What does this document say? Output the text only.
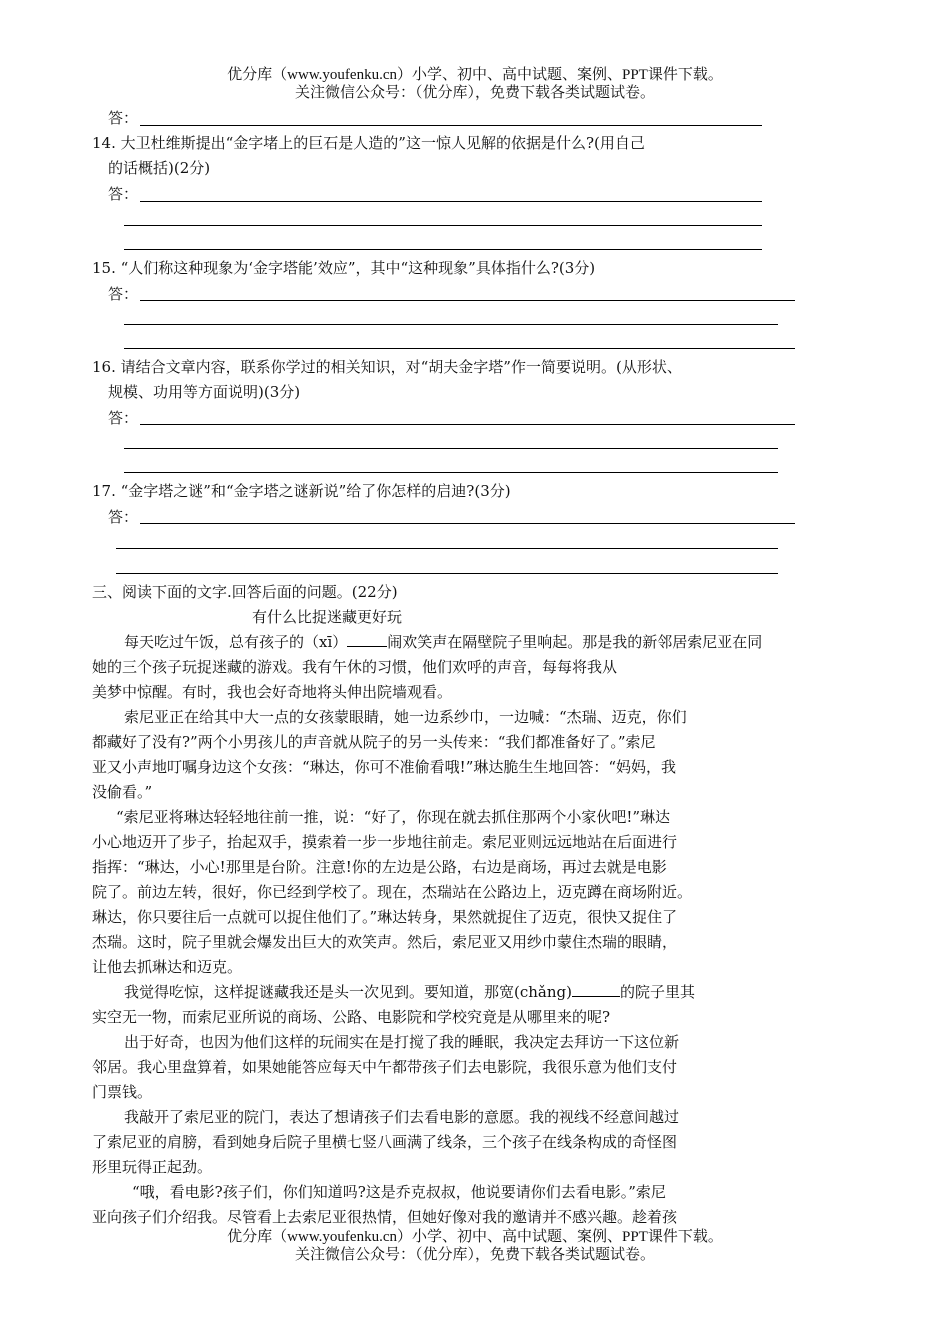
优分库（www.youfenku.cn）小学、初中、高中试题、案例、PPT课件下载。
关注微信公众号：（优分库），免费下载各类试题试卷。
答：
14. 大卫杜维斯提出“金字堵上的巨石是人造的”这一惊人见解的依据是什么?(用自己
的话概括)(2分)
答：
15. “人们称这种现象为‘金字塔能’效应”，其中“这种现象”具体指什么?(3分)
答：
16. 请结合文章内容，联系你学过的相关知识，对“胡夫金字塔”作一简要说明。(从形状、
规模、功用等方面说明)(3分)
答：
17. “金字塔之谜”和“金字塔之谜新说”给了你怎样的启迪?(3分)
答：
三、阅读下面的文字.回答后面的问题。(22分)
有什么比捉迷藏更好玩
每天吃过午饭，总有孩子的（xī）	闹欢笑声在隔壁院子里响起。那是我的新邻居索尼亚在同
她的三个孩子玩捉迷藏的游戏。我有午休的习惯，他们欢呼的声音，每每将我从
美梦中惊醒。有时，我也会好奇地将头伸出院墙观看。
索尼亚正在给其中大一点的女孩蒙眼睛，她一边系纱巾，一边喊：“杰瑞、迈克，你们
都藏好了没有?”两个小男孩儿的声音就从院子的另一头传来：“我们都准备好了。”索尼
亚又小声地叮嘱身边这个女孩：“琳达，你可不准偷看哦!”琳达脆生生地回答：“妈妈，我
没偷看。”
“索尼亚将琳达轻轻地往前一推，说：“好了，你现在就去抓住那两个小家伙吧!”琳达
小心地迈开了步子，抬起双手，摸索着一步一步地往前走。索尼亚则远远地站在后面进行
指挥：“琳达，小心!那里是台阶。注意!你的左边是公路，右边是商场，再过去就是电影
院了。前边左转，很好，你已经到学校了。现在，杰瑞站在公路边上，迈克蹲在商场附近。
琳达，你只要往后一点就可以捉住他们了。”琳达转身，果然就捉住了迈克，很快又捉住了
杰瑞。这时，院子里就会爆发出巨大的欢笑声。然后，索尼亚又用纱巾蒙住杰瑞的眼睛，
让他去抓琳达和迈克。
我觉得吃惊，这样捉谜藏我还是头一次见到。要知道，那宽(chǎng)	的院子里其
实空无一物，而索尼亚所说的商场、公路、电影院和学校究竟是从哪里来的呢?
出于好奇，也因为他们这样的玩闹实在是打搅了我的睡眠，我决定去拜访一下这位新
邻居。我心里盘算着，如果她能答应每天中午都带孩子们去电影院，我很乐意为他们支付
门票钱。
我敲开了索尼亚的院门，表达了想请孩子们去看电影的意愿。我的视线不经意间越过
了索尼亚的肩膀，看到她身后院子里横七竖八画满了线条，三个孩子在线条构成的奇怪图
形里玩得正起劲。
“哦，看电影?孩子们，你们知道吗?这是乔克叔叔，他说要请你们去看电影。”索尼
亚向孩子们介绍我。尽管看上去索尼亚很热情，但她好像对我的邀请并不感兴趣。趁着孩
优分库（www.youfenku.cn）小学、初中、高中试题、案例、PPT课件下载。
关注微信公众号：（优分库），免费下载各类试题试卷。
